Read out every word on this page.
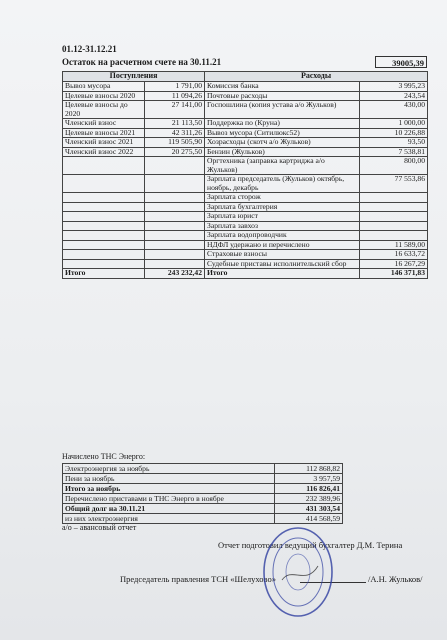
01.12-31.12.21
Остаток на расчетном счете на 30.11.21	39005,39
Поступления		Расходы	
Вывоз мусора	1 791,00	Комиссия банка	3 995,23
Целевые взносы 2020	11 094,26	Почтовые расходы	243,54
Целевые взносы до 2020	27 141,00	Госпошлина (копия устава а/о Жульков)	430,00
Членский взнос	21 113,50	Поддержка по (Круна)	1 000,00
Целевые взносы 2021	42 311,26	Вывоз мусора (Ситилюкс52)	10 226,88
Членский взнос 2021	119 505,90	Хозрасходы (скотч а/о Жульков)	93,50
Членский взнос 2022	20 275,50	Бензин (Жульков)	7 538,81
		Оргтехника (заправка картриджа а/о Жульков)	800,00
		Зарплата председатель (Жульков) октябрь, ноябрь, декабрь	77 553,86
		Зарплата сторож	
		Зарплата бухгалтерия	
		Зарплата юрист	
		Зарплата завхоз	
		Зарплата водопроводчик	
		НДФЛ удержано и перечислено	11 589,00
		Страховые взносы	16 633,72
		Судебные приставы исполнительский сбор	16 267,29
Итого	243 232,42	Итого	146 371,83
Начислено ТНС Энерго:
Электроэнергия за ноябрь	112 868,82
Пени за ноябрь	3 957,59
Итого за ноябрь	116 826,41
Перечислено приставами в ТНС Энерго в ноябре	232 389,96
Общий долг на 30.11.21	431 303,54
из них электроэнергия	414 568,59
а/о – авансовый отчет
Отчет подготовил ведущий бухгалтер Д.М. Терина
Председатель правления ТСН «Шелухово»	/А.Н. Жульков/
